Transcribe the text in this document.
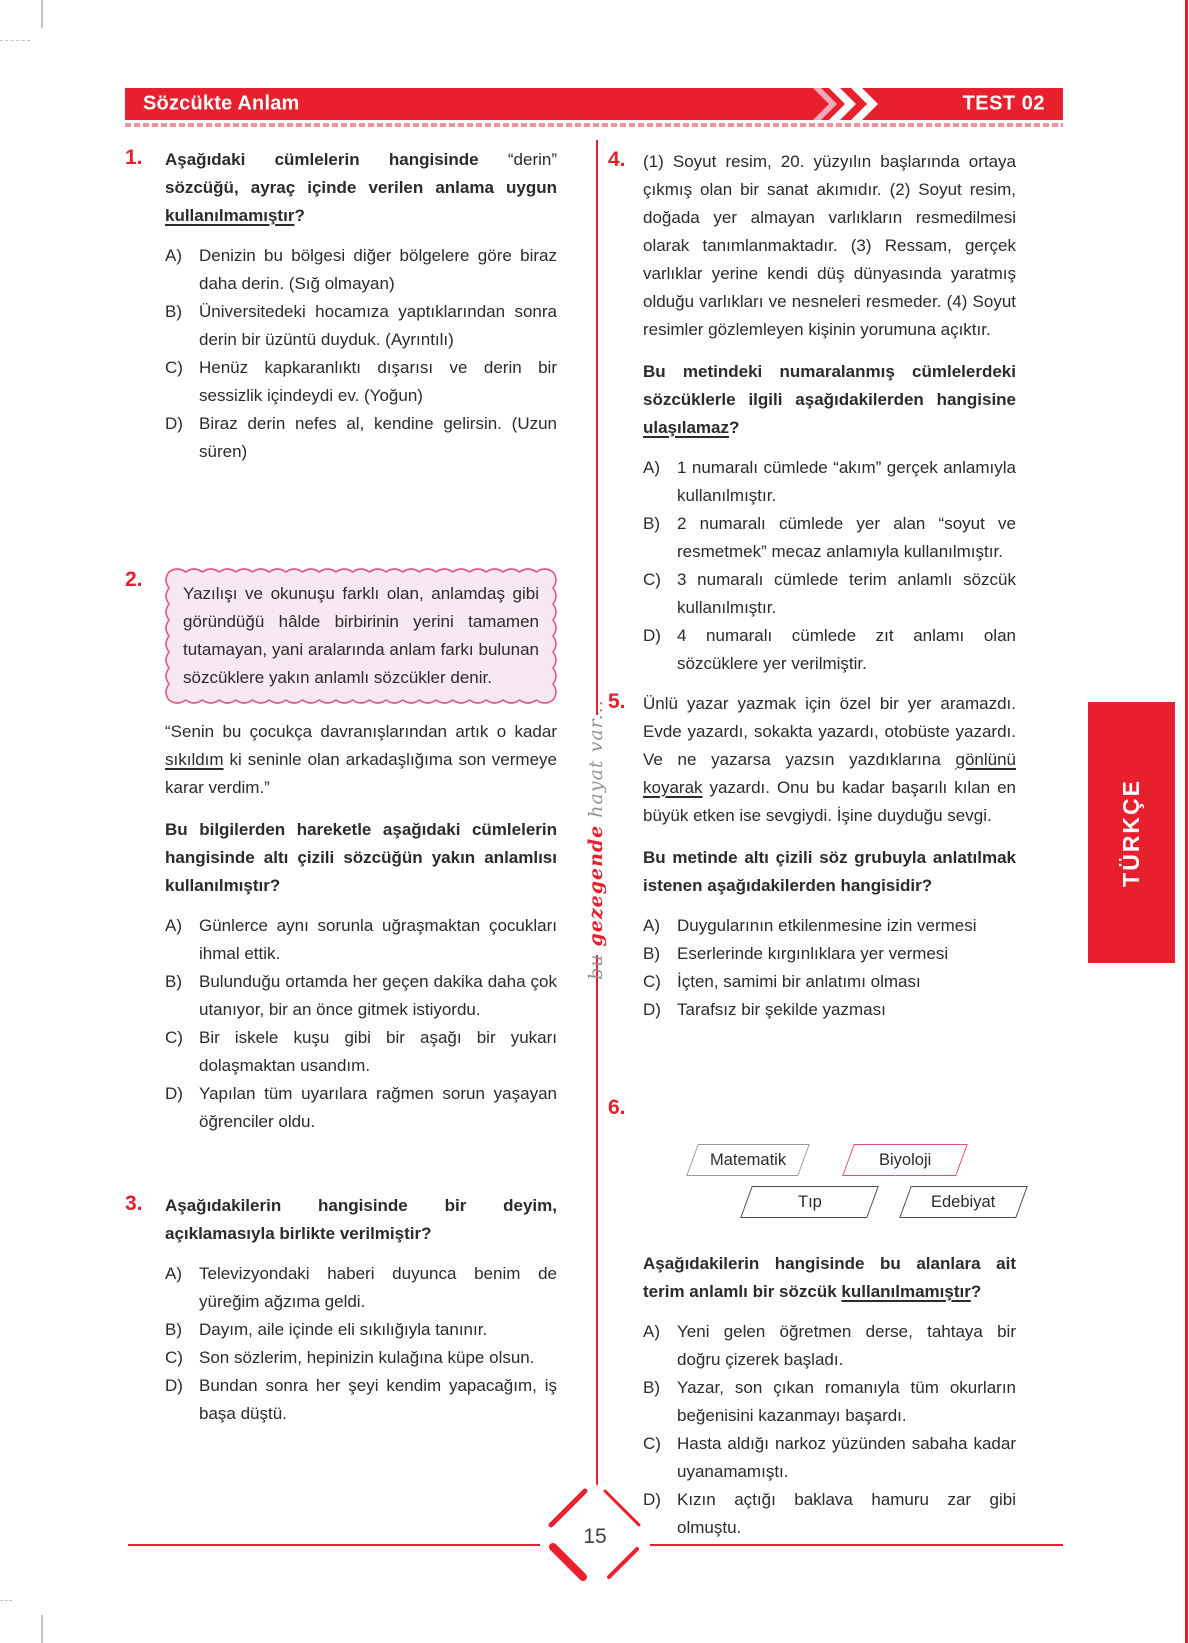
Sözcükte Anlam	TEST 02
bu gezegende hayat var...
TÜRKÇE
1. Aşağıdaki cümlelerin hangisinde “derin” sözcüğü, ayraç içinde verilen anlama uygun kullanılmamıştır?

A) Denizin bu bölgesi diğer bölgelere göre biraz daha derin. (Sığ olmayan)
B) Üniversitedeki hocamıza yaptıklarından sonra derin bir üzüntü duyduk. (Ayrıntılı)
C) Henüz kapkaranlıktı dışarısı ve derin bir sessizlik içindeydi ev. (Yoğun)
D) Biraz derin nefes al, kendine gelirsin. (Uzun süren)
2.
Yazılışı ve okunuşu farklı olan, anlamdaş gibi göründüğü hâlde birbirinin yerini tamamen tutamayan, yani aralarında anlam farkı bulunan sözcüklere yakın anlamlı sözcükler denir.

“Senin bu çocukça davranışlarından artık o kadar sıkıldım ki seninle olan arkadaşlığıma son vermeye karar verdim.”

Bu bilgilerden hareketle aşağıdaki cümlelerin hangisinde altı çizili sözcüğün yakın anlamlısı kullanılmıştır?

A) Günlerce aynı sorunla uğraşmaktan çocukları ihmal ettik.
B) Bulunduğu ortamda her geçen dakika daha çok utanıyor, bir an önce gitmek istiyordu.
C) Bir iskele kuşu gibi bir aşağı bir yukarı dolaşmaktan usandım.
D) Yapılan tüm uyarılara rağmen sorun yaşayan öğrenciler oldu.
3. Aşağıdakilerin hangisinde bir deyim, açıklamasıyla birlikte verilmiştir?

A) Televizyondaki haberi duyunca benim de yüreğim ağzıma geldi.
B) Dayım, aile içinde eli sıkılığıyla tanınır.
C) Son sözlerim, hepinizin kulağına küpe olsun.
D) Bundan sonra her şeyi kendim yapacağım, iş başa düştü.
4. (1) Soyut resim, 20. yüzyılın başlarında ortaya çıkmış olan bir sanat akımıdır. (2) Soyut resim, doğada yer almayan varlıkların resmedilmesi olarak tanımlanmaktadır. (3) Ressam, gerçek varlıklar yerine kendi düş dünyasında yaratmış olduğu varlıkları ve nesneleri resmeder. (4) Soyut resimler gözlemleyen kişinin yorumuna açıktır.

Bu metindeki numaralanmış cümlelerdeki sözcüklerle ilgili aşağıdakilerden hangisine ulaşılamaz?

A) 1 numaralı cümlede “akım” gerçek anlamıyla kullanılmıştır.
B) 2 numaralı cümlede yer alan “soyut ve resmetmek” mecaz anlamıyla kullanılmıştır.
C) 3 numaralı cümlede terim anlamlı sözcük kullanılmıştır.
D) 4 numaralı cümlede zıt anlamı olan sözcüklere yer verilmiştir.
5. Ünlü yazar yazmak için özel bir yer aramazdı. Evde yazardı, sokakta yazardı, otobüste yazardı. Ve ne yazarsa yazsın yazdıklarına gönlünü koyarak yazardı. Onu bu kadar başarılı kılan en büyük etken ise sevgiydi. İşine duyduğu sevgi.

Bu metinde altı çizili söz grubuyla anlatılmak istenen aşağıdakilerden hangisidir?

A) Duygularının etkilenmesine izin vermesi
B) Eserlerinde kırgınlıklara yer vermesi
C) İçten, samimi bir anlatımı olması
D) Tarafsız bir şekilde yazması
6.
Matematik	Biyoloji
Tıp	Edebiyat

Aşağıdakilerin hangisinde bu alanlara ait terim anlamlı bir sözcük kullanılmamıştır?

A) Yeni gelen öğretmen derse, tahtaya bir doğru çizerek başladı.
B) Yazar, son çıkan romanıyla tüm okurların beğenisini kazanmayı başardı.
C) Hasta aldığı narkoz yüzünden sabaha kadar uyanamamıştı.
D) Kızın açtığı baklava hamuru zar gibi olmuştu.
15
